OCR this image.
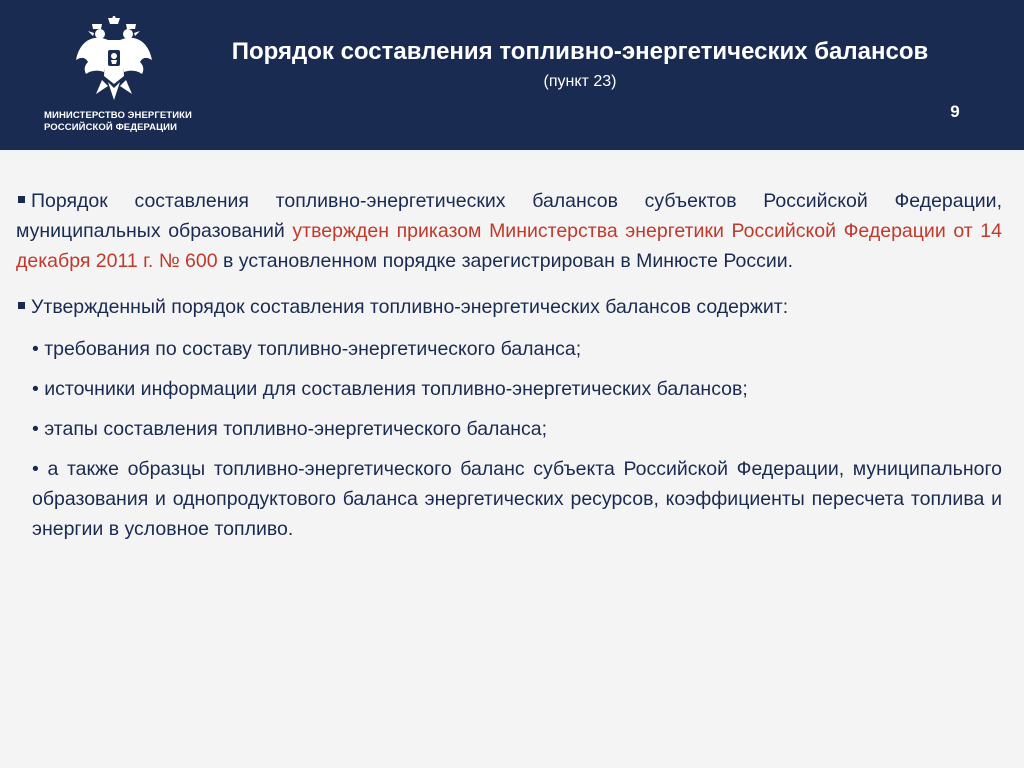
МИНИСТЕРСТВО ЭНЕРГЕТИКИ
РОССИЙСКОЙ ФЕДЕРАЦИИ
Порядок составления топливно-энергетических балансов
(пункт 23)
9

Порядок составления топливно-энергетических балансов субъектов Российской Федерации, муниципальных образований утвержден приказом Министерства энергетики Российской Федерации от 14 декабря 2011 г. № 600 в установленном порядке зарегистрирован в Минюсте России.

Утвержденный порядок составления топливно-энергетических балансов содержит:

• требования по составу топливно-энергетического баланса;
• источники информации для составления топливно-энергетических балансов;
• этапы составления топливно-энергетического баланса;
• а также образцы топливно-энергетического баланс субъекта Российской Федерации, муниципального образования и однопродуктового баланса энергетических ресурсов, коэффициенты пересчета топлива и энергии в условное топливо.
